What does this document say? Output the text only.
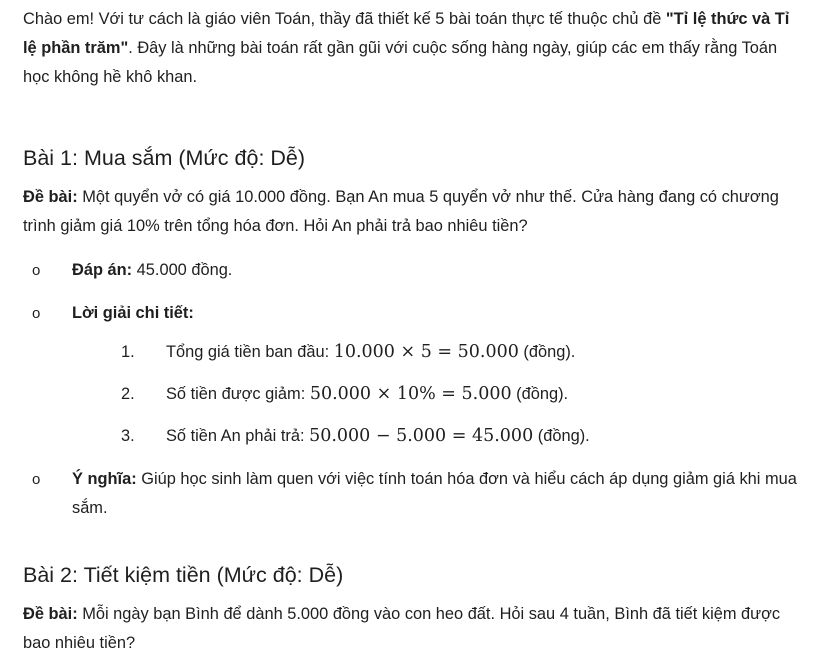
Chào em! Với tư cách là giáo viên Toán, thầy đã thiết kế 5 bài toán thực tế thuộc chủ đề "Tỉ lệ thức và Tỉ lệ phần trăm". Đây là những bài toán rất gần gũi với cuộc sống hàng ngày, giúp các em thấy rằng Toán học không hề khô khan.

Bài 1: Mua sắm (Mức độ: Dễ)

Đề bài: Một quyển vở có giá 10.000 đồng. Bạn An mua 5 quyển vở như thế. Cửa hàng đang có chương trình giảm giá 10% trên tổng hóa đơn. Hỏi An phải trả bao nhiêu tiền?

o Đáp án: 45.000 đồng.
o Lời giải chi tiết:
1. Tổng giá tiền ban đầu: 10.000 × 5 = 50.000 (đồng).
2. Số tiền được giảm: 50.000 × 10% = 5.000 (đồng).
3. Số tiền An phải trả: 50.000 − 5.000 = 45.000 (đồng).
o Ý nghĩa: Giúp học sinh làm quen với việc tính toán hóa đơn và hiểu cách áp dụng giảm giá khi mua sắm.
Bài 2: Tiết kiệm tiền (Mức độ: Dễ)

Đề bài: Mỗi ngày bạn Bình để dành 5.000 đồng vào con heo đất. Hỏi sau 4 tuần, Bình đã tiết kiệm được bao nhiêu tiền?
